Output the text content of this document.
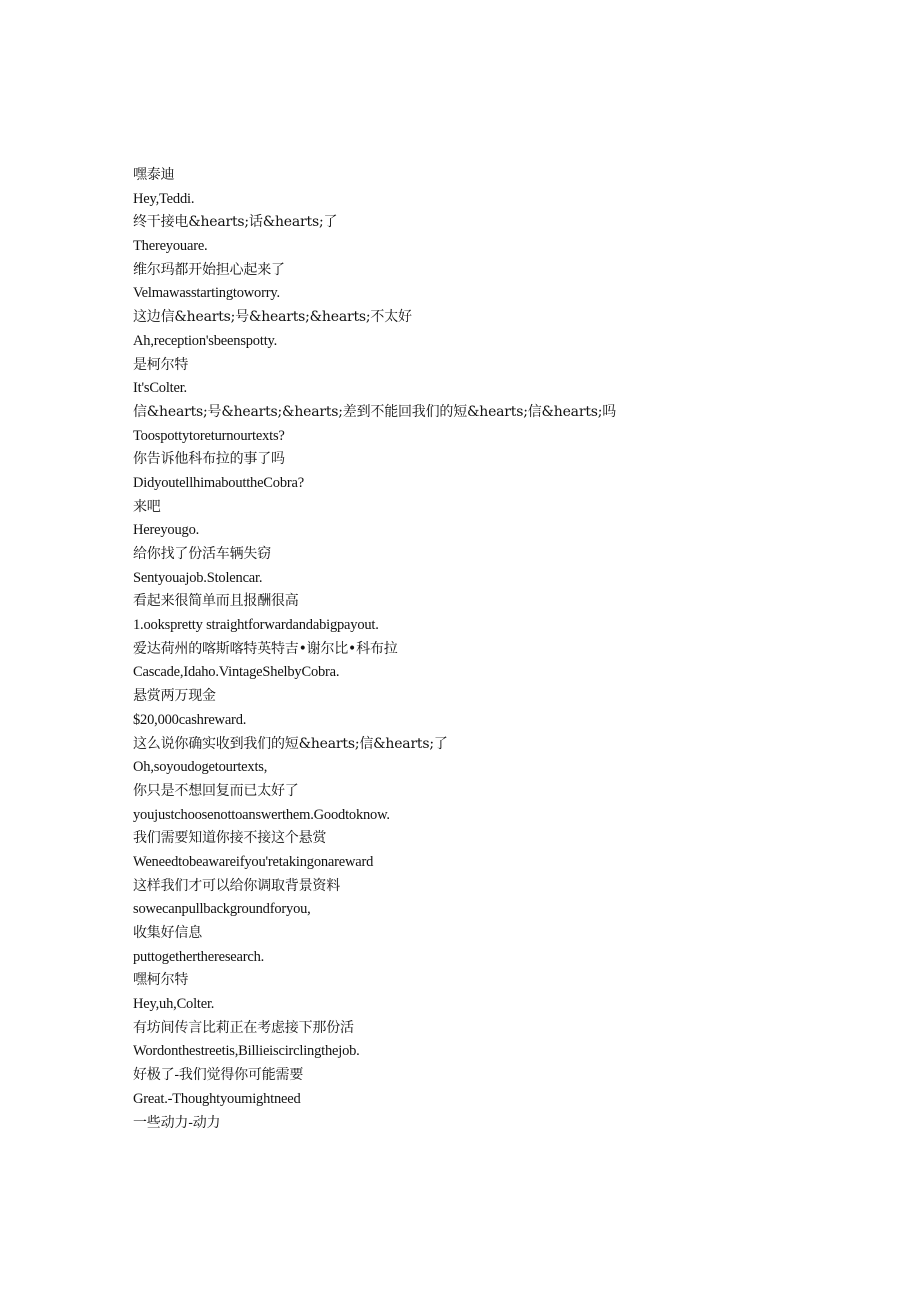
嘿泰迪
Hey,Teddi.
终干接电&hearts;话&hearts;了
Thereyouare.
维尔玛都开始担心起来了
Velmawasstartingtoworry.
这边信&hearts;号&hearts;&hearts;不太好
Ah,reception'sbeenspotty.
是柯尔特
It'sColter.
信&hearts;号&hearts;&hearts;差到不能回我们的短&hearts;信&hearts;吗
Toospottytoreturnourtexts?
你告诉他科布拉的事了吗
DidyoutellhimabouttheCobra?
来吧
Hereyougo.
给你找了份活车辆失窃
Sentyouajob.Stolencar.
看起来很简单而且报酬很高
1.ookspretty straightforwardandabigpayout.
爱达荷州的喀斯喀特英特吉•谢尔比•科布拉
Cascade,Idaho.VintageShelbyCobra.
悬赏两万现金
$20,000cashreward.
这么说你确实收到我们的短&hearts;信&hearts;了
Oh,soyoudogetourtexts,
你只是不想回复而已太好了
youjustchoosenottoanswerthem.Goodtoknow.
我们需要知道你接不接这个悬赏
Weneedtobeawareifyou'retakingonareward
这样我们才可以给你调取背景资料
sowecanpullbackgroundforyou,
收集好信息
puttogethertheresearch.
嘿柯尔特
Hey,uh,Colter.
有坊间传言比莉正在考虑接下那份活
Wordonthestreetis,Billieiscirclingthejob.
好极了-我们觉得你可能需要
Great.-Thoughtyoumightneed
一些动力-动力
